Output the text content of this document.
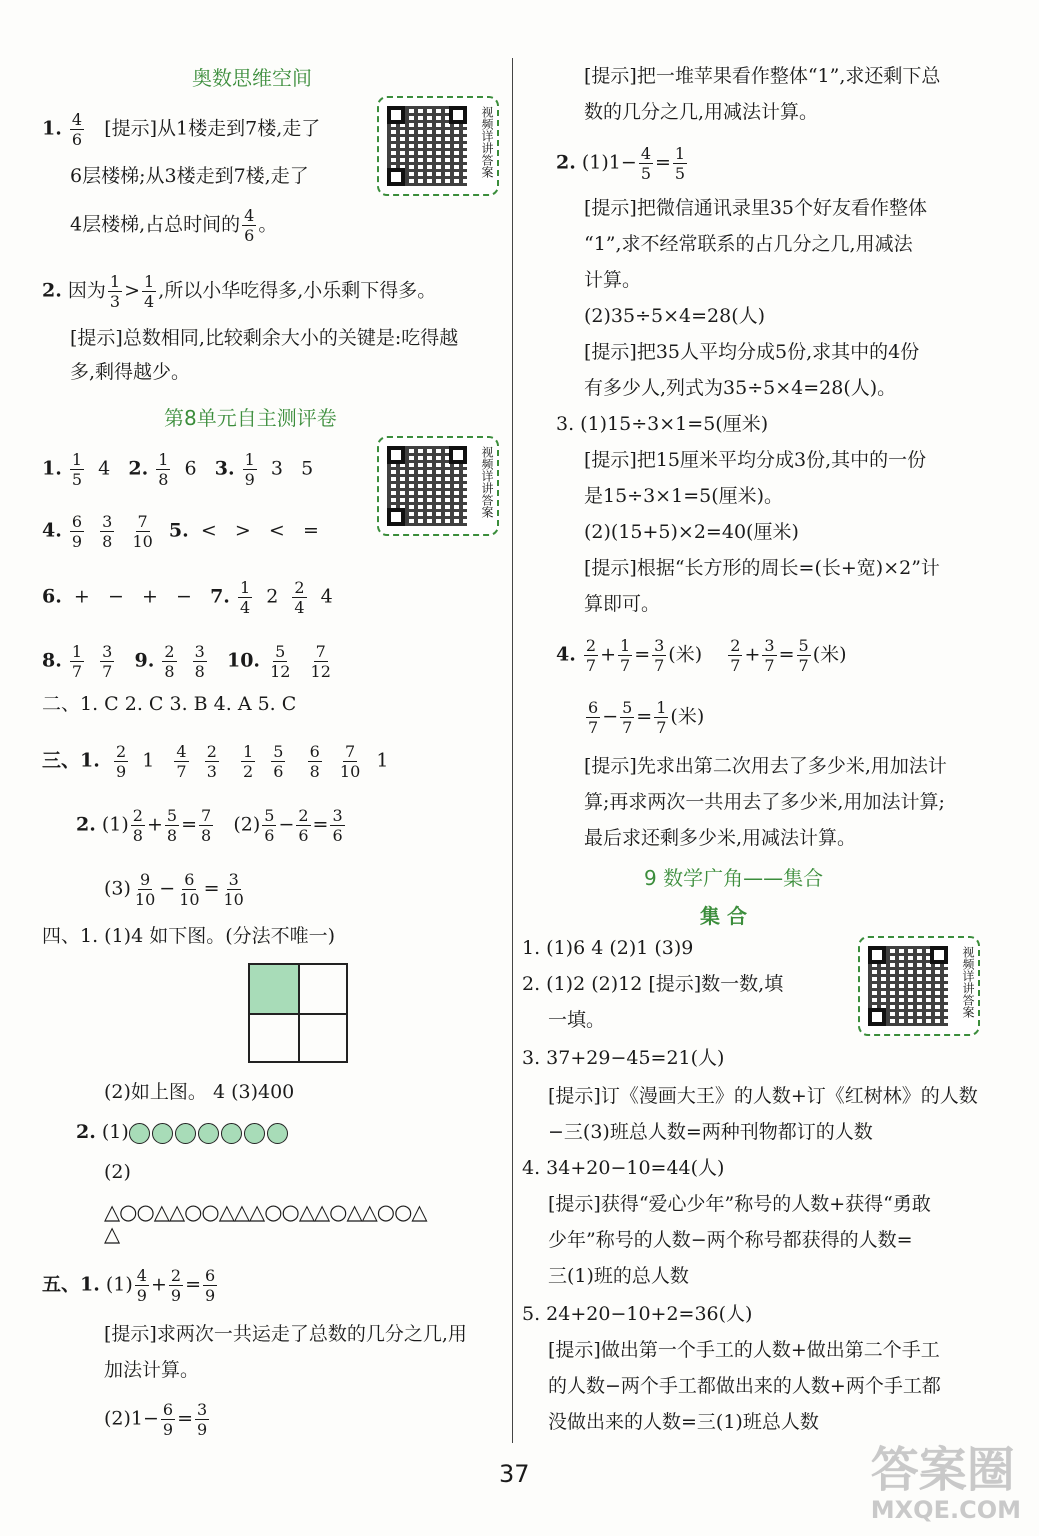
奥数思维空间
1. $\frac{4}{6}$ [提示]从1楼走到7楼,走了
6层楼梯;从3楼走到7楼,走了
4层楼梯,占总时间的 $\frac{4}{6}$ 。
视频详讲答案
2. 因为 $\frac{1}{3} > \frac{1}{4}$ ,所以小华吃得多,小乐剩下得多。
[提示]总数相同,比较剩余大小的关键是:吃得越
多,剩得越少。
第8单元自主测评卷
视频详讲答案
1. $\frac{1}{5} 4$   2. $\frac{1}{8} 6$   3. $\frac{1}{9} 3$   5
4. $\frac{6}{9}$
$\frac{3}{8}$
$\frac{7}{10} 5$.  <   >   <   =
6.  +   −   +   −   7. $\frac{1}{4} 2 \frac{2}{4} 4$
8. $\frac{1}{7}$
$\frac{3}{7} 9$. $\frac{2}{8}$
$\frac{3}{8} 10$. $\frac{5}{12}$
$\frac{7}{12}$
二、1. C 2. C 3. B 4. A 5. C
三、1. $\frac{2}{9} 1 \frac{4}{7}$
$\frac{2}{3}$
$\frac{1}{2}$
$\frac{5}{6}$
$\frac{6}{8}$
$\frac{7}{10} 1$
2. $(1) \frac{2}{8} + \frac{5}{8} = \frac{7}{8} (2) \frac{5}{6} - \frac{2}{6} = \frac{3}{6}$
$(3) \frac{9}{10} - \frac{6}{10} = \frac{3}{10}$
四、1. (1)4 如下图。(分法不唯一)
(2)如上图。 4 (3)400
2. (1)
(2)
△○○△△○○△△△○○△△○△△○○△
△
五、1. $(1) \frac{4}{9} + \frac{2}{9} = \frac{6}{9}$
[提示]求两次一共运走了总数的几分之几,用
加法计算。
$(2)1- \frac{6}{9} = \frac{3}{9}$
[提示]把一堆苹果看作整体“1”,求还剩下总
数的几分之几,用减法计算。
2. $(1)1- \frac{4}{5} = \frac{1}{5}$
[提示]把微信通讯录里35个好友看作整体
“1”,求不经常联系的占几分之几,用减法
计算。
(2)35÷5×4=28(人)
[提示]把35人平均分成5份,求其中的4份
有多少人,列式为35÷5×4=28(人)。
3. (1)15÷3×1=5(厘米)
[提示]把15厘米平均分成3份,其中的一份
是15÷3×1=5(厘米)。
(2)(15+5)×2=40(厘米)
[提示]根据“长方形的周长=(长+宽)×2”计
算即可。
4. $\frac{2}{7} + \frac{1}{7} = \frac{3}{7}$ (米) $\frac{2}{7} + \frac{3}{7} = \frac{5}{7}$ (米)
$\frac{6}{7} - \frac{5}{7} = \frac{1}{7}$ (米)
[提示]先求出第二次用去了多少米,用加法计
算;再求两次一共用去了多少米,用加法计算;
最后求还剩多少米,用减法计算。
9 数学广角——集合
集 合
视频详讲答案
1. (1)6 4 (2)1 (3)9
2. (1)2 (2)12 [提示]数一数,填
一填。
3. 37+29−45=21(人)
[提示]订《漫画大王》的人数+订《红树林》的人数
−三(3)班总人数=两种刊物都订的人数
4. 34+20−10=44(人)
[提示]获得“爱心少年”称号的人数+获得“勇敢
少年”称号的人数−两个称号都获得的人数=
三(1)班的总人数
5. 24+20−10+2=36(人)
[提示]做出第一个手工的人数+做出第二个手工
的人数−两个手工都做出来的人数+两个手工都
没做出来的人数=三(1)班总人数
37	答案圈
MXQE.COM
